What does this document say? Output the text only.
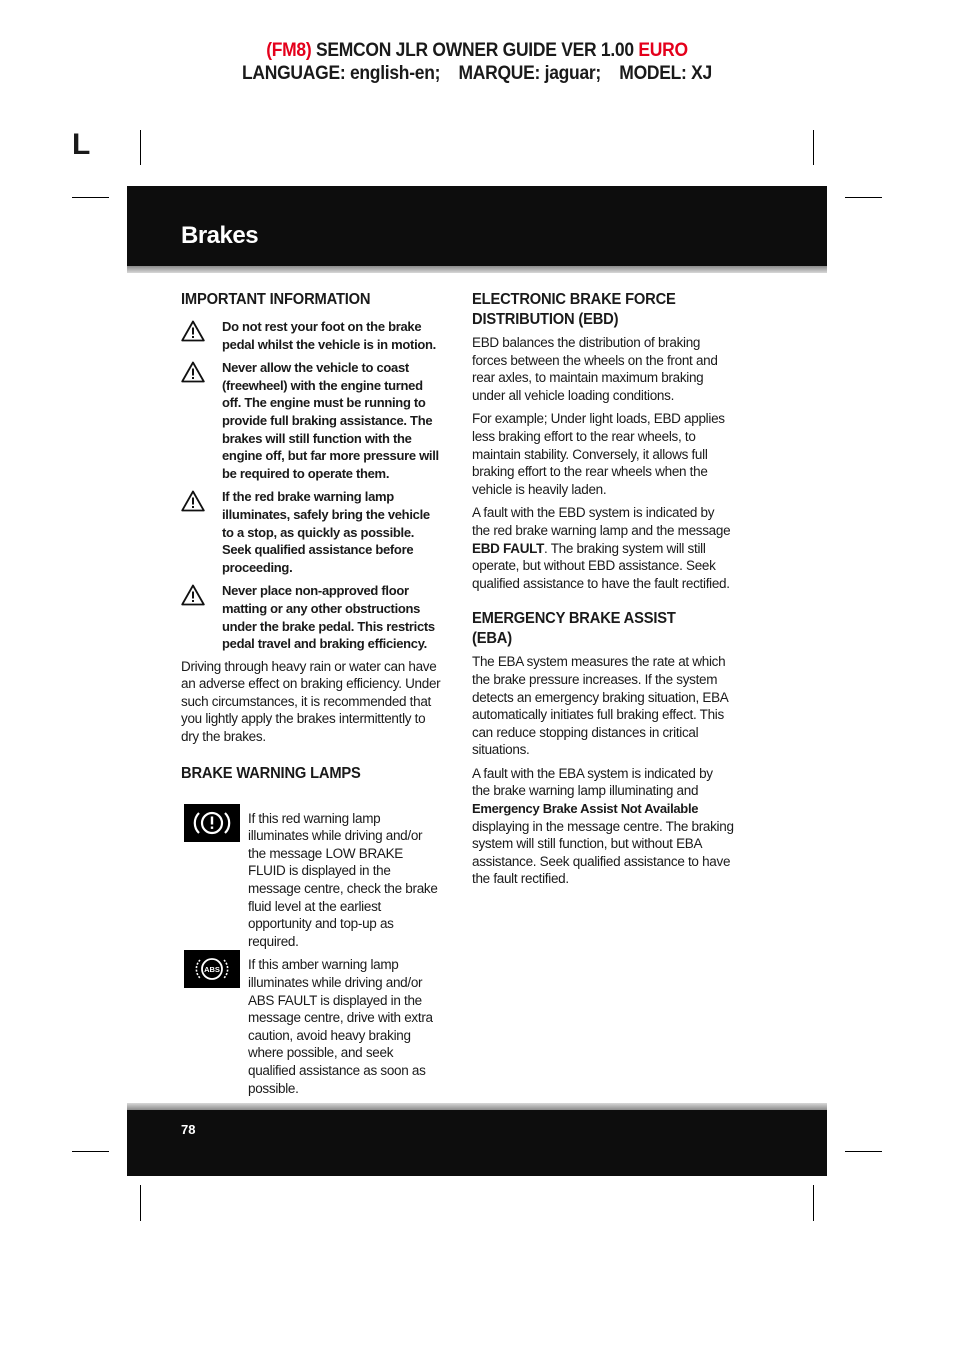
(FM8) SEMCON JLR OWNER GUIDE VER 1.00 EURO
LANGUAGE: english-en;    MARQUE: jaguar;    MODEL: XJ
L
Brakes
IMPORTANT INFORMATION
Do not rest your foot on the brake pedal whilst the vehicle is in motion.
Never allow the vehicle to coast (freewheel) with the engine turned off. The engine must be running to provide full braking assistance. The brakes will still function with the engine off, but far more pressure will be required to operate them.
If the red brake warning lamp illuminates, safely bring the vehicle to a stop, as quickly as possible. Seek qualified assistance before proceeding.
Never place non-approved floor matting or any other obstructions under the brake pedal. This restricts pedal travel and braking efficiency.

Driving through heavy rain or water can have an adverse effect on braking efficiency. Under such circumstances, it is recommended that you lightly apply the brakes intermittently to dry the brakes.

BRAKE WARNING LAMPS
If this red warning lamp illuminates while driving and/or the message LOW BRAKE FLUID is displayed in the message centre, check the brake fluid level at the earliest opportunity and top-up as required.
ABS If this amber warning lamp illuminates while driving and/or ABS FAULT is displayed in the message centre, drive with extra caution, avoid heavy braking where possible, and seek qualified assistance as soon as possible.
ELECTRONIC BRAKE FORCE DISTRIBUTION (EBD)

EBD balances the distribution of braking forces between the wheels on the front and rear axles, to maintain maximum braking under all vehicle loading conditions.

For example; Under light loads, EBD applies less braking effort to the rear wheels, to maintain stability. Conversely, it allows full braking effort to the rear wheels when the vehicle is heavily laden.

A fault with the EBD system is indicated by the red brake warning lamp and the message EBD FAULT. The braking system will still operate, but without EBD assistance. Seek qualified assistance to have the fault rectified.

EMERGENCY BRAKE ASSIST (EBA)

The EBA system measures the rate at which the brake pressure increases. If the system detects an emergency braking situation, EBA automatically initiates full braking effect. This can reduce stopping distances in critical situations.

A fault with the EBA system is indicated by the brake warning lamp illuminating and Emergency Brake Assist Not Available displaying in the message centre. The braking system will still function, but without EBA assistance. Seek qualified assistance to have the fault rectified.

78
